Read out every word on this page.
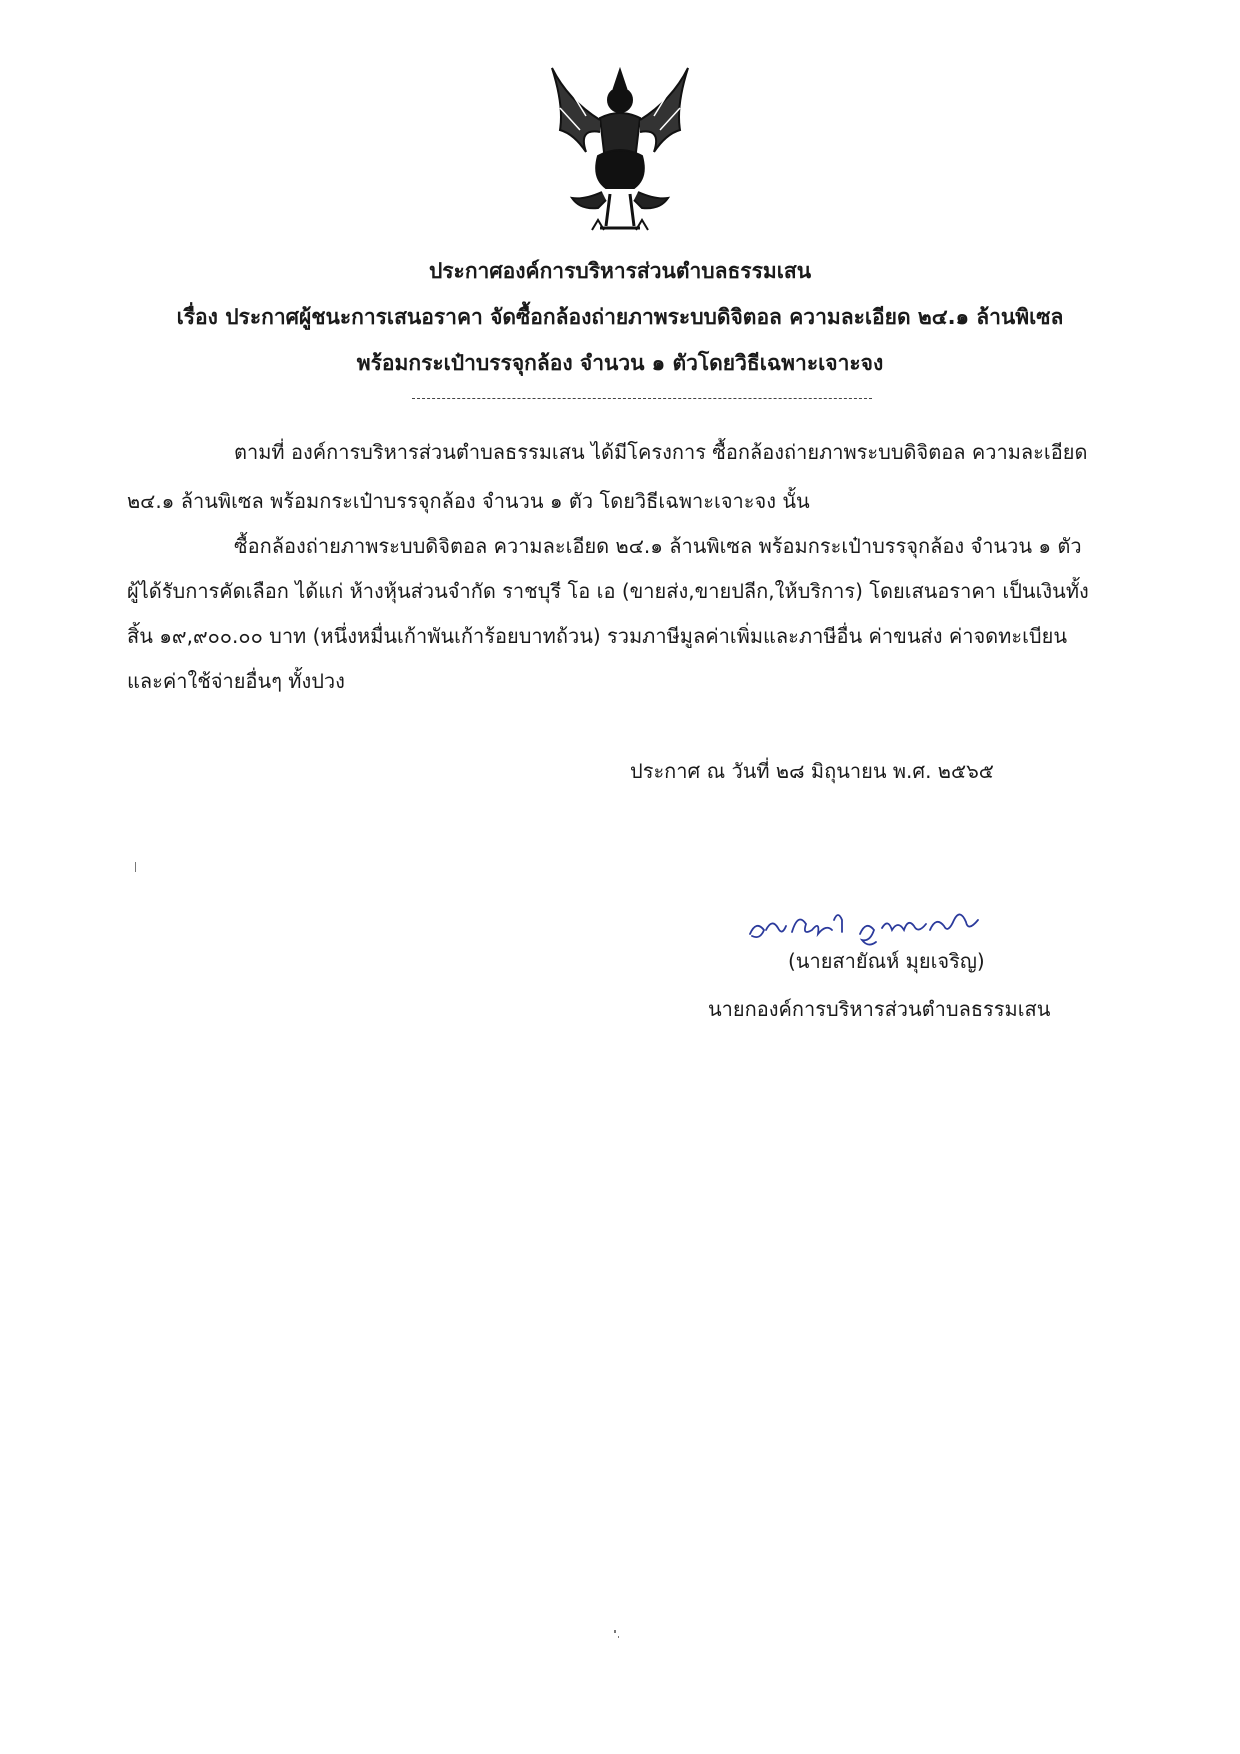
ประกาศองค์การบริหารส่วนตำบลธรรมเสน
เรื่อง ประกาศผู้ชนะการเสนอราคา จัดซื้อกล้องถ่ายภาพระบบดิจิตอล ความละเอียด ๒๔.๑ ล้านพิเซล
พร้อมกระเป๋าบรรจุกล้อง จำนวน ๑ ตัวโดยวิธีเฉพาะเจาะจง
ตามที่ องค์การบริหารส่วนตำบลธรรมเสน ได้มีโครงการ ซื้อกล้องถ่ายภาพระบบดิจิตอล ความละเอียด
๒๔.๑ ล้านพิเซล พร้อมกระเป๋าบรรจุกล้อง จำนวน ๑ ตัว โดยวิธีเฉพาะเจาะจง นั้น
ซื้อกล้องถ่ายภาพระบบดิจิตอล ความละเอียด ๒๔.๑ ล้านพิเซล พร้อมกระเป๋าบรรจุกล้อง จำนวน ๑ ตัว
ผู้ได้รับการคัดเลือก ได้แก่ ห้างหุ้นส่วนจำกัด ราชบุรี โอ เอ (ขายส่ง,ขายปลีก,ให้บริการ) โดยเสนอราคา เป็นเงินทั้ง
สิ้น ๑๙,๙๐๐.๐๐ บาท (หนึ่งหมื่นเก้าพันเก้าร้อยบาทถ้วน) รวมภาษีมูลค่าเพิ่มและภาษีอื่น ค่าขนส่ง ค่าจดทะเบียน
และค่าใช้จ่ายอื่นๆ ทั้งปวง
ประกาศ ณ วันที่ ๒๘ มิถุนายน พ.ศ. ๒๕๖๕
(นายสายัณห์ มุยเจริญ)
นายกองค์การบริหารส่วนตำบลธรรมเสน
